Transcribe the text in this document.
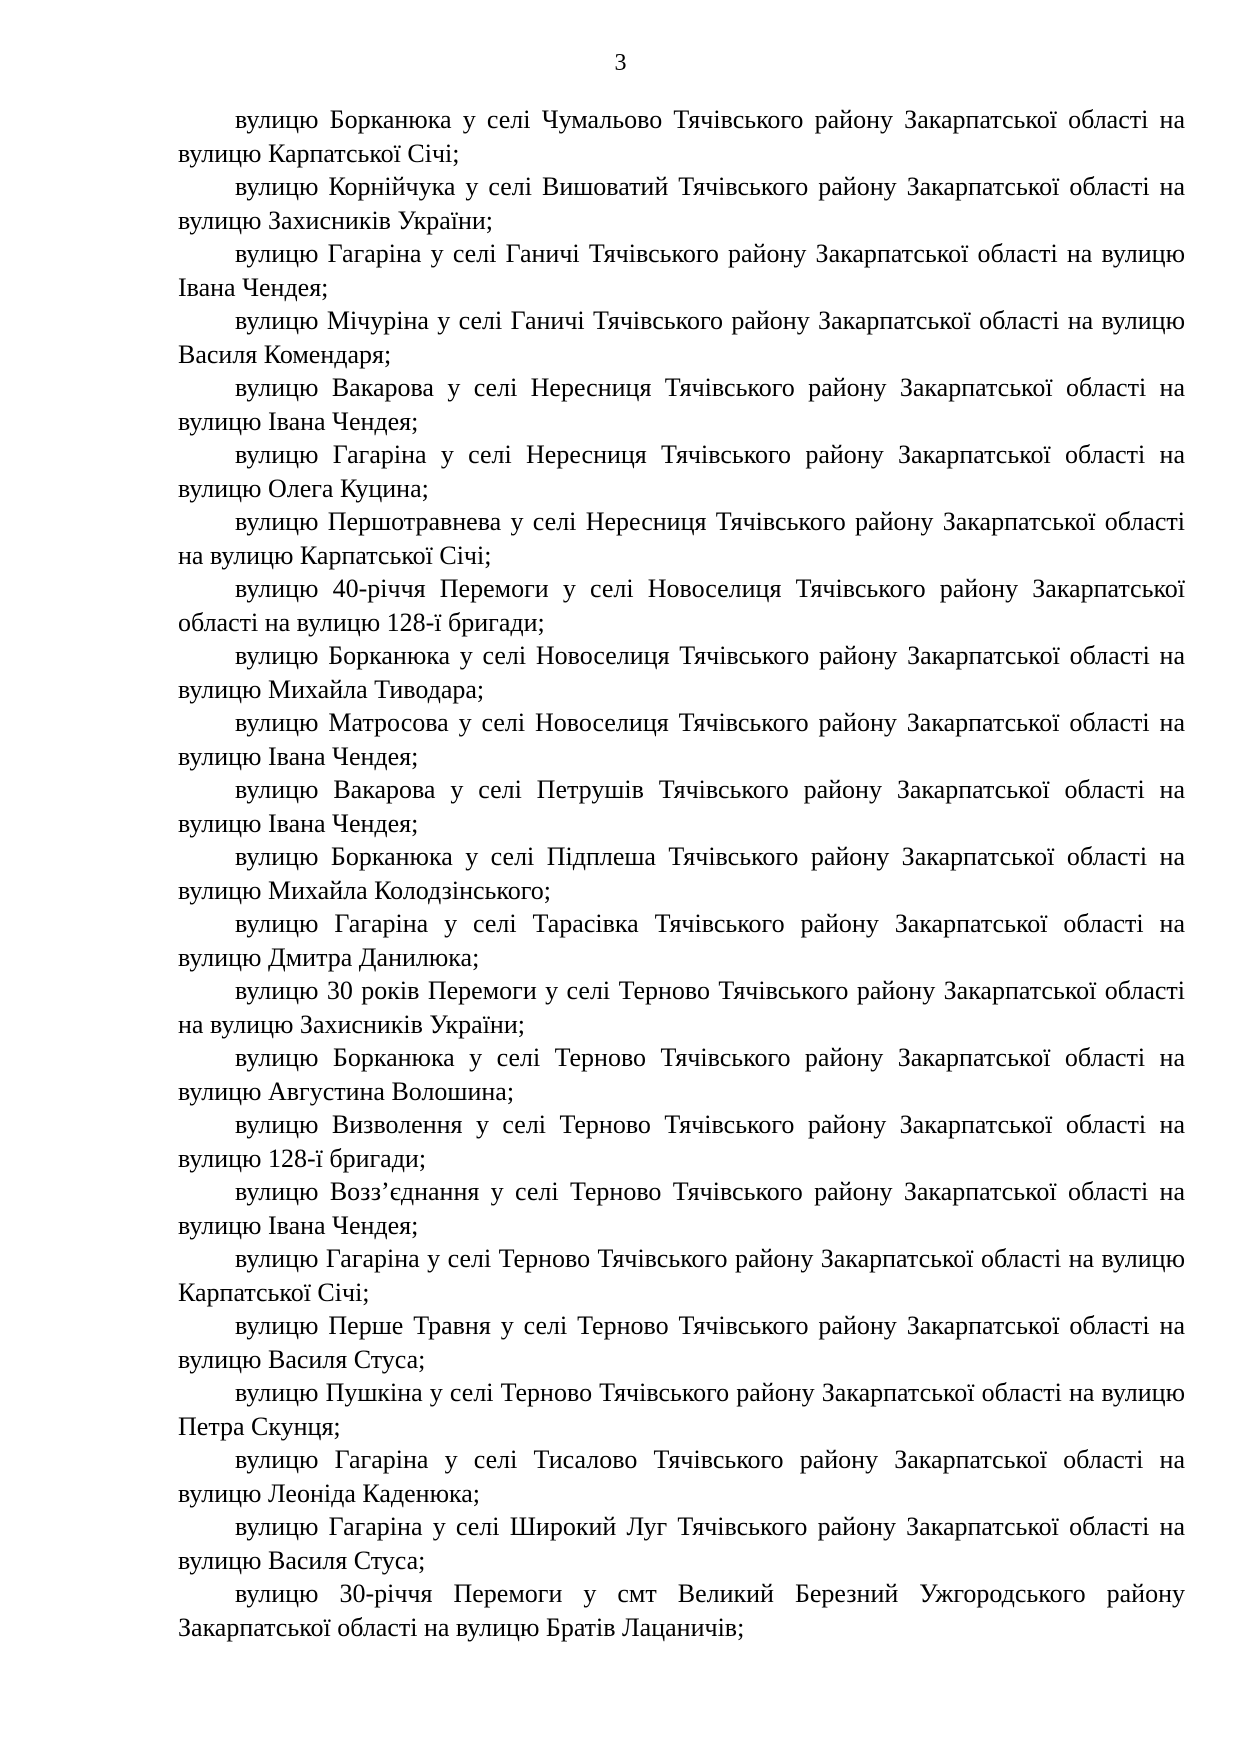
3

вулицю Борканюка у селі Чумальово Тячівського району Закарпатської області на вулицю Карпатської Січі;

вулицю Корнійчука у селі Вишоватий Тячівського району Закарпатської області на вулицю Захисників України;

вулицю Гагаріна у селі Ганичі Тячівського району Закарпатської області на вулицю Івана Чендея;

вулицю Мічуріна у селі Ганичі Тячівського району Закарпатської області на вулицю Василя Комендаря;

вулицю Вакарова у селі Нересниця Тячівського району Закарпатської області на вулицю Івана Чендея;

вулицю Гагаріна у селі Нересниця Тячівського району Закарпатської області на вулицю Олега Куцина;

вулицю Першотравнева у селі Нересниця Тячівського району Закарпатської області на вулицю Карпатської Січі;

вулицю 40-річчя Перемоги у селі Новоселиця Тячівського району Закарпатської області на вулицю 128-ї бригади;

вулицю Борканюка у селі Новоселиця Тячівського району Закарпатської області на вулицю Михайла Тиводара;

вулицю Матросова у селі Новоселиця Тячівського району Закарпатської області на вулицю Івана Чендея;

вулицю Вакарова у селі Петрушів Тячівського району Закарпатської області на вулицю Івана Чендея;

вулицю Борканюка у селі Підплеша Тячівського району Закарпатської області на вулицю Михайла Колодзінського;

вулицю Гагаріна у селі Тарасівка Тячівського району Закарпатської області на вулицю Дмитра Данилюка;

вулицю 30 років Перемоги у селі Терново Тячівського району Закарпатської області на вулицю Захисників України;

вулицю Борканюка у селі Терново Тячівського району Закарпатської області на вулицю Августина Волошина;

вулицю Визволення у селі Терново Тячівського району Закарпатської області на вулицю 128-ї бригади;

вулицю Возз’єднання у селі Терново Тячівського району Закарпатської області на вулицю Івана Чендея;

вулицю Гагаріна у селі Терново Тячівського району Закарпатської області на вулицю Карпатської Січі;

вулицю Перше Травня у селі Терново Тячівського району Закарпатської області на вулицю Василя Стуса;

вулицю Пушкіна у селі Терново Тячівського району Закарпатської області на вулицю Петра Скунця;

вулицю Гагаріна у селі Тисалово Тячівського району Закарпатської області на вулицю Леоніда Каденюка;

вулицю Гагаріна у селі Широкий Луг Тячівського району Закарпатської області на вулицю Василя Стуса;

вулицю 30-річчя Перемоги у смт Великий Березний Ужгородського району Закарпатської області на вулицю Братів Лацаничів;
